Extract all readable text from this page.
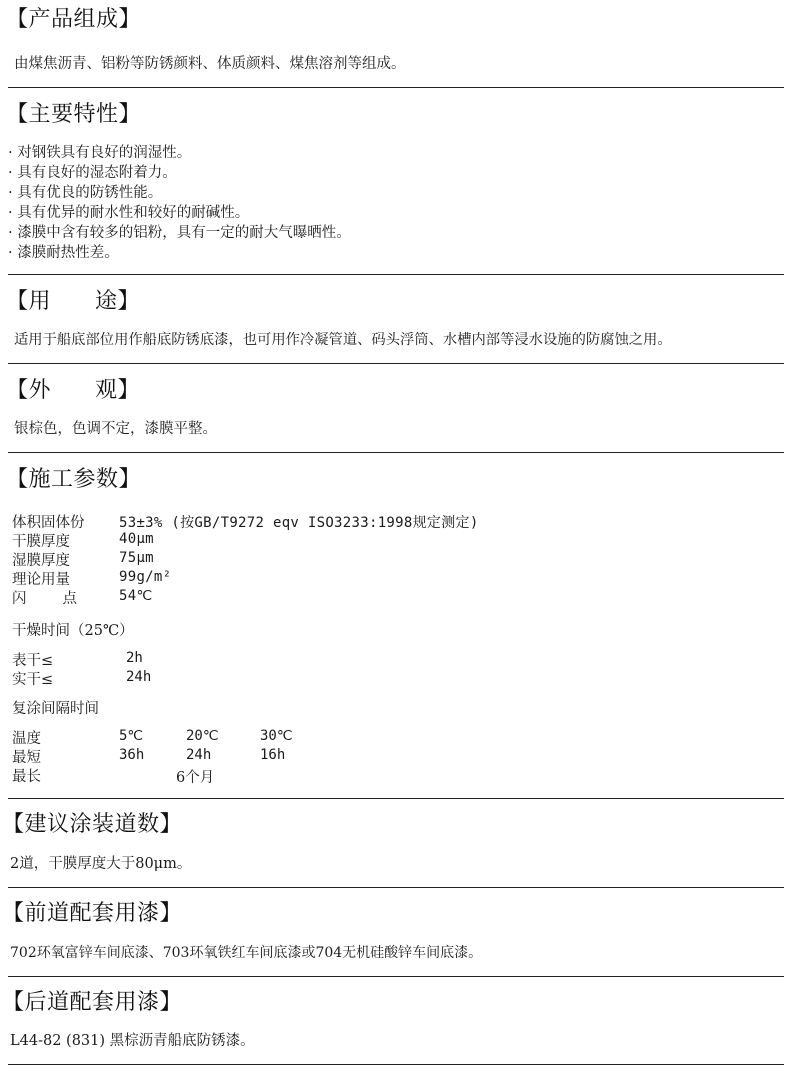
【产品组成】
由煤焦沥青、铝粉等防锈颜料、体质颜料、煤焦溶剂等组成。
【主要特性】
· 对钢铁具有良好的润湿性。
· 具有良好的湿态附着力。
· 具有优良的防锈性能。
· 具有优异的耐水性和较好的耐碱性。
· 漆膜中含有较多的铝粉，具有一定的耐大气曝晒性。
· 漆膜耐热性差。
【用 途】
适用于船底部位用作船底防锈底漆，也可用作冷凝管道、码头浮筒、水槽内部等浸水设施的防腐蚀之用。
【外 观】
银棕色，色调不定，漆膜平整。
【施工参数】
体积固体份 53±3% (按GB/T9272 eqv ISO3233:1998规定测定)
干膜厚度	40μm
湿膜厚度	75μm
理论用量	99g/m²
闪 点	54℃
干燥时间（25℃）
表干≤	2h
实干≤	24h
复涂间隔时间
温度	5℃	20℃	30℃
最短	36h	24h	16h
最长	6个月
【建议涂装道数】
2道，干膜厚度大于80μm。
【前道配套用漆】
702环氧富锌车间底漆、703环氧铁红车间底漆或704无机硅酸锌车间底漆。
【后道配套用漆】
L44-82 (831) 黑棕沥青船底防锈漆。
